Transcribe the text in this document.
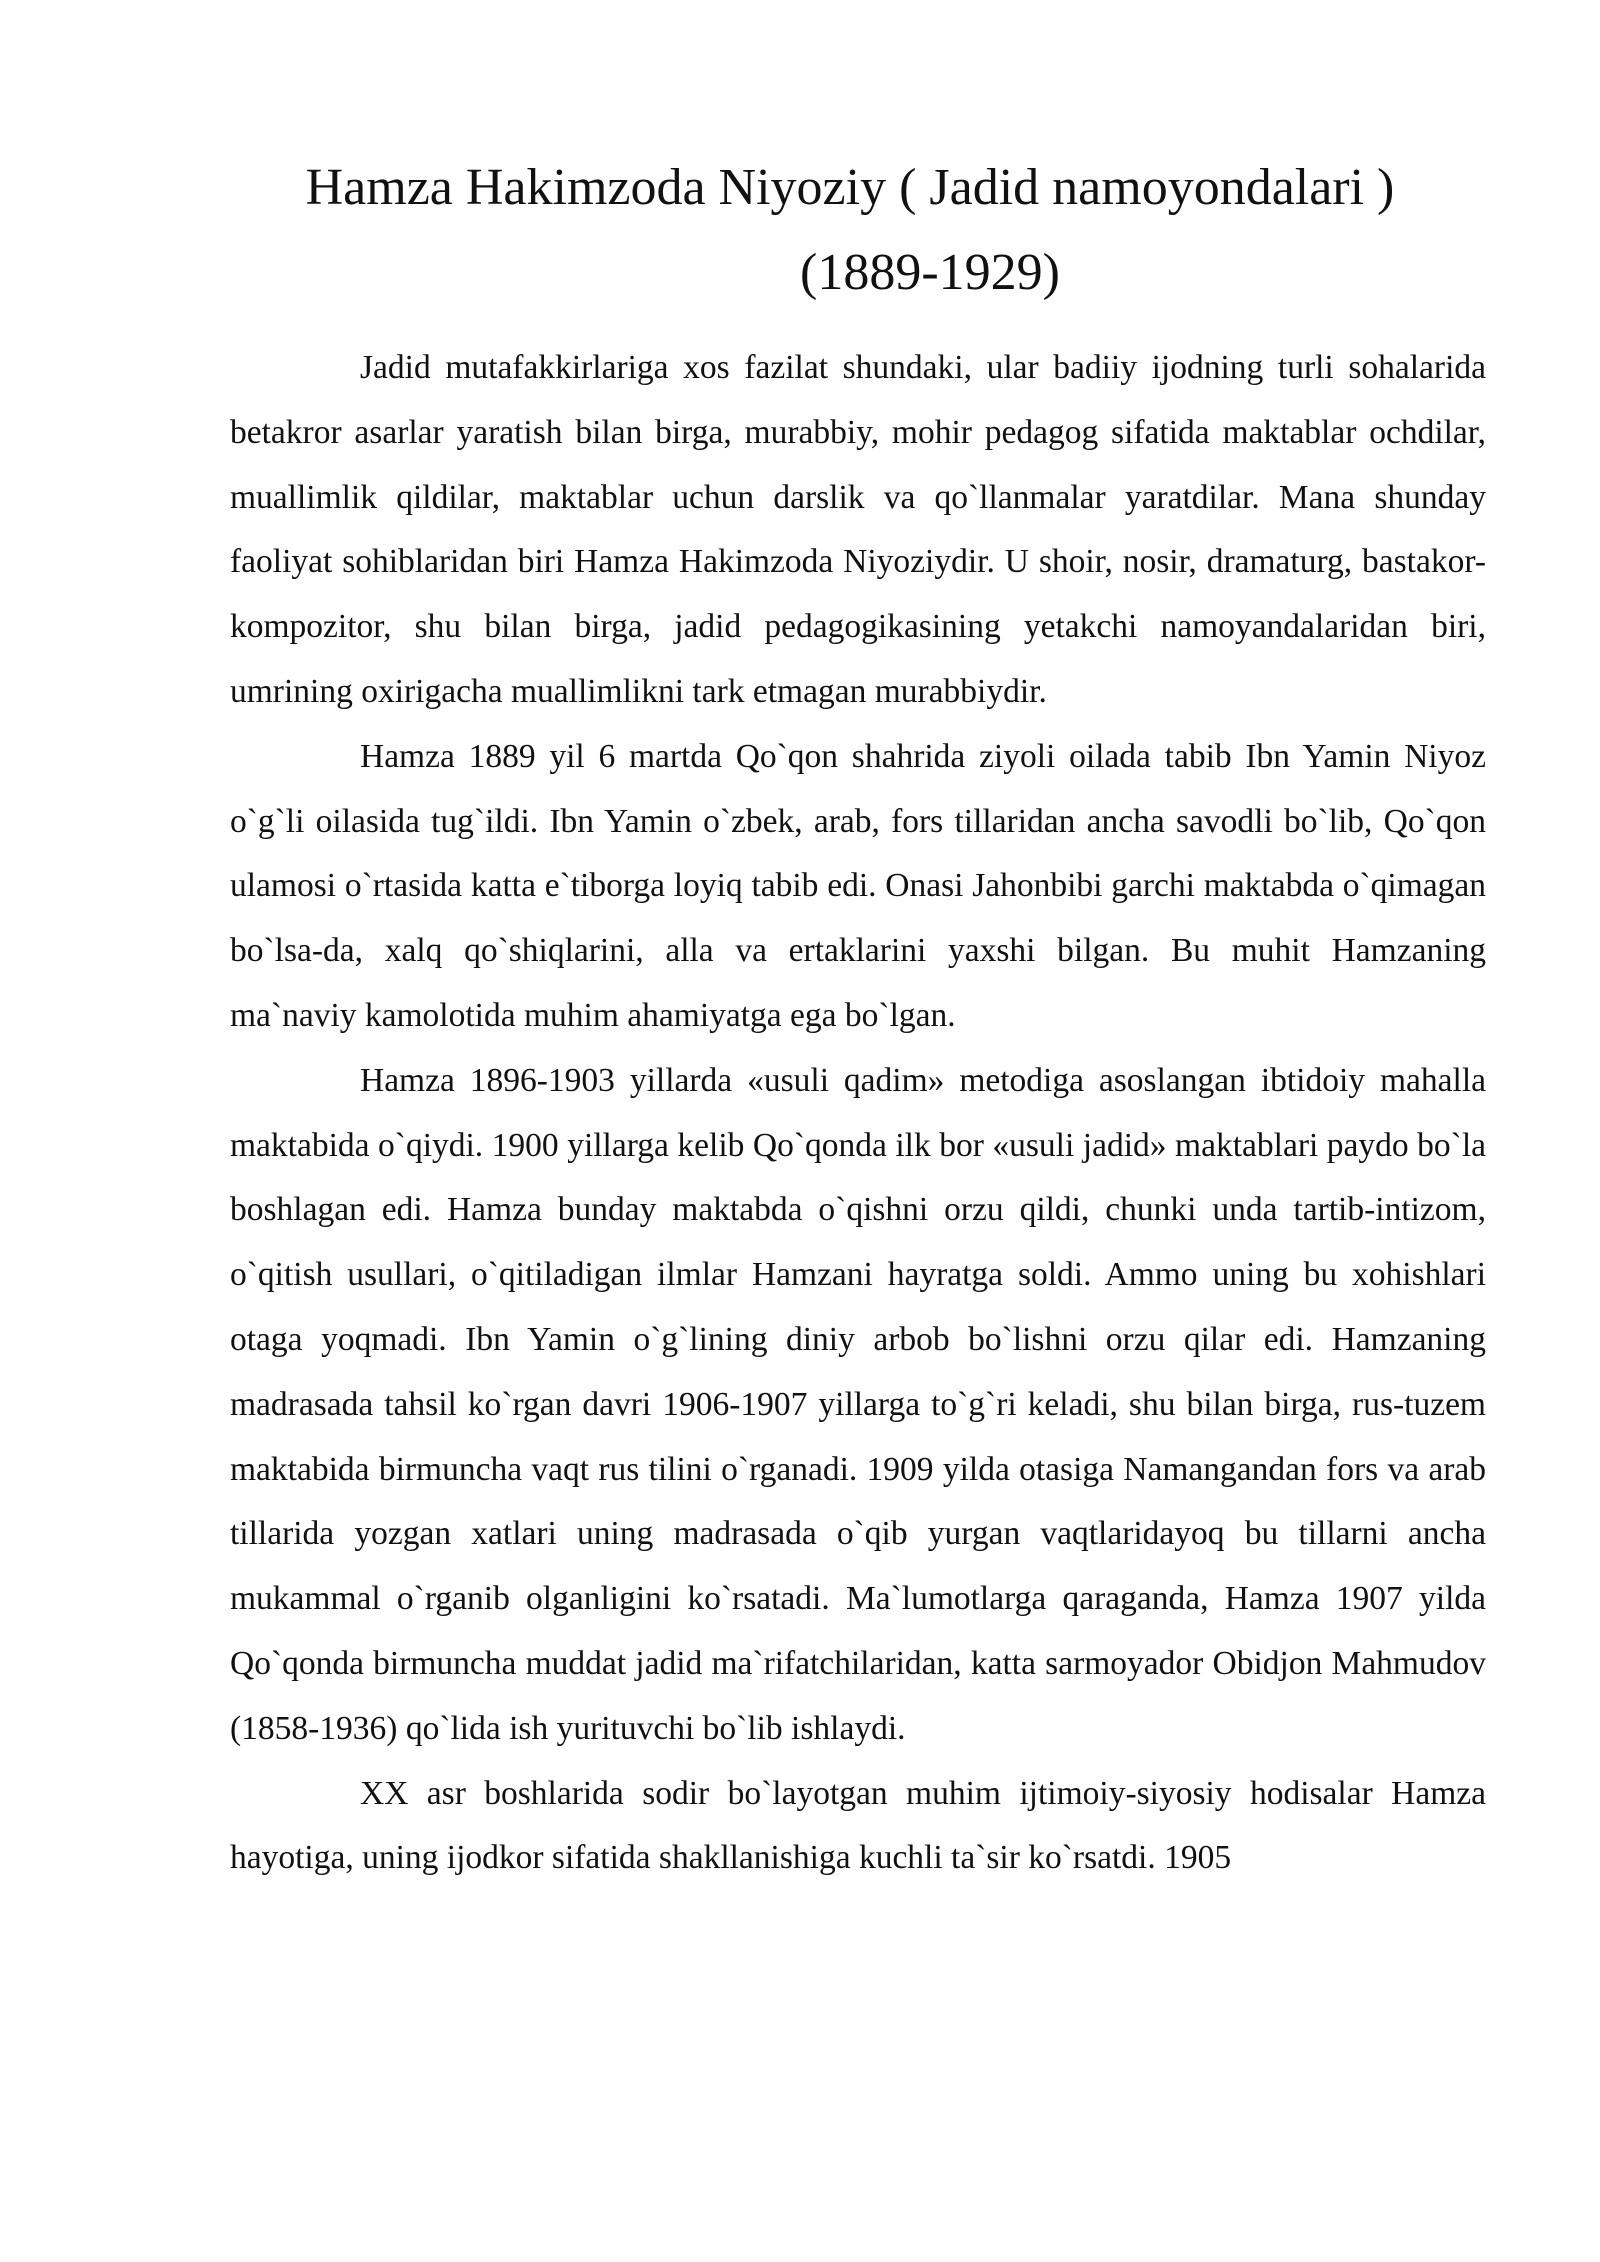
Hamza Hakimzoda Niyoziy ( Jadid namoyondalari )
(1889-1929)

Jadid mutafakkirlariga xos fazilat shundaki, ular badiiy ijodning turli sohalarida betakror asarlar yaratish bilan birga, murabbiy, mohir pedagog sifatida maktablar ochdilar, muallimlik qildilar, maktablar uchun darslik va qo`llanmalar yaratdilar. Mana shunday faoliyat sohiblaridan biri Hamza Hakimzoda Niyoziydir. U shoir, nosir, dramaturg, bastakor-kompozitor, shu bilan birga, jadid pedagogikasining yetakchi namoyandalaridan biri, umrining oxirigacha muallimlikni tark etmagan murabbiydir.

Hamza 1889 yil 6 martda Qo`qon shahrida ziyoli oilada tabib Ibn Yamin Niyoz o`g`li oilasida tug`ildi. Ibn Yamin o`zbek, arab, fors tillaridan ancha savodli bo`lib, Qo`qon ulamosi o`rtasida katta e`tiborga loyiq tabib edi. Onasi Jahonbibi garchi maktabda o`qimagan bo`lsa-da, xalq qo`shiqlarini, alla va ertaklarini yaxshi bilgan. Bu muhit Hamzaning ma`naviy kamolotida muhim ahamiyatga ega bo`lgan.

Hamza 1896-1903 yillarda «usuli qadim» metodiga asoslangan ibtidoiy mahalla maktabida o`qiydi. 1900 yillarga kelib Qo`qonda ilk bor «usuli jadid» maktablari paydo bo`la boshlagan edi. Hamza bunday maktabda o`qishni orzu qildi, chunki unda tartib-intizom, o`qitish usullari, o`qitiladigan ilmlar Hamzani hayratga soldi. Ammo uning bu xohishlari otaga yoqmadi. Ibn Yamin o`g`lining diniy arbob bo`lishni orzu qilar edi. Hamzaning madrasada tahsil ko`rgan davri 1906-1907 yillarga to`g`ri keladi, shu bilan birga, rus-tuzem maktabida birmuncha vaqt rus tilini o`rganadi. 1909 yilda otasiga Namangandan fors va arab tillarida yozgan xatlari uning madrasada o`qib yurgan vaqtlaridayoq bu tillarni ancha mukammal o`rganib olganligini ko`rsatadi. Ma`lumotlarga qaraganda, Hamza 1907 yilda Qo`qonda birmuncha muddat jadid ma`rifatchilaridan, katta sarmoyador Obidjon Mahmudov (1858-1936) qo`lida ish yurituvchi bo`lib ishlaydi.

XX asr boshlarida sodir bo`layotgan muhim ijtimoiy-siyosiy hodisalar Hamza hayotiga, uning ijodkor sifatida shakllanishiga kuchli ta`sir ko`rsatdi. 1905
